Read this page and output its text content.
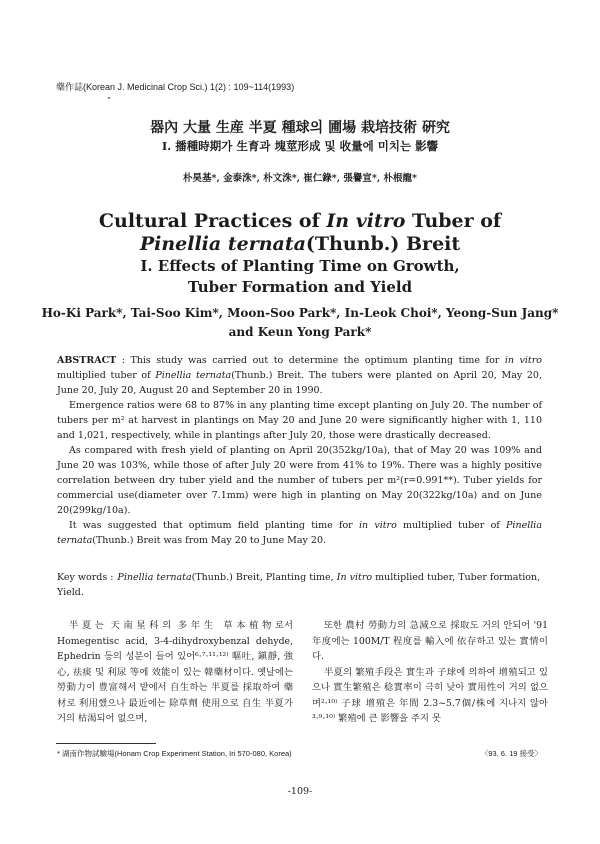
藥作誌(Korean J. Medicinal Crop Sci.) 1(2) : 109~114(1993)
器內 大量 生産 半夏 種球의 圃場 栽培技術 硏究
Ⅰ. 播種時期가 生育과 塊莖形成 및 收量에 미치는 影響
朴昊基*, 金泰洙*, 朴文洙*, 崔仁錄*, 張譽宣*, 朴根龍*
Cultural Practices of In vitro Tuber of
Pinellia ternata(Thunb.) Breit
Ⅰ. Effects of Planting Time on Growth,
Tuber Formation and Yield
Ho-Ki Park*, Tai-Soo Kim*, Moon-Soo Park*, In-Leok Choi*, Yeong-Sun Jang*
and Keun Yong Park*

ABSTRACT : This study was carried out to determine the optimum planting time for in vitro multiplied tuber of Pinellia ternata(Thunb.) Breit. The tubers were planted on April 20, May 20, June 20, July 20, August 20 and September 20 in 1990.

Emergence ratios were 68 to 87% in any planting time except planting on July 20. The number of tubers per m² at harvest in plantings on May 20 and June 20 were significantly higher with 1, 110 and 1,021, respectively, while in plantings after July 20, those were drastically decreased.

As compared with fresh yield of planting on April 20(352kg/10a), that of May 20 was 109% and June 20 was 103%, while those of after July 20 were from 41% to 19%. There was a highly positive correlation between dry tuber yield and the number of tubers per m²(r=0.991**). Tuber yields for commercial use(diameter over 7.1mm) were high in planting on May 20(322kg/10a) and on June 20(299kg/10a).

It was suggested that optimum field planting time for in vitro multiplied tuber of Pinellia ternata(Thunb.) Breit was from May 20 to June May 20.

Key words : Pinellia ternata(Thunb.) Breit, Planting time, In vitro multiplied tuber, Tuber formation, Yield.

半夏는 天南星科의 多年生 草本植物로서 Homegentisc acid, 3-4-dihydroxybenzal dehyde, Ephedrin 등의 성분이 들어 있어⁶·⁷·¹¹·¹²⁾ 嘔吐, 鎭靜, 強心, 祛痰 및 利尿 等에 效能이 있는 韓藥材이다. 옛날에는 勞動力이 豊富해서 밭에서 自生하는 半夏를 採取하여 藥材로 利用했으나 最近에는 除草劑 使用으로 自生 半夏가 거의 枯渴되어 없으며,

또한 農村 勞動力의 急減으로 採取도 거의 안되어 '91年度에는 100M/T 程度를 輸入에 依存하고 있는 實情이다.

半夏의 繁殖手段은 實生과 子球에 의하여 增殖되고 있으나 實生繁殖은 稔實率이 극히 낮아 實用性이 거의 없으며²·¹⁰⁾ 子球 增殖은 年間 2.3~5.7個/株에 지나지 않아³·⁹·¹⁰⁾ 繁殖에 큰 影響을 주지 못

* 湖南作物試驗場(Honam Crop Experiment Station, Iri 570-080, Korea)	〈93. 6. 19 接受〉
-109-
